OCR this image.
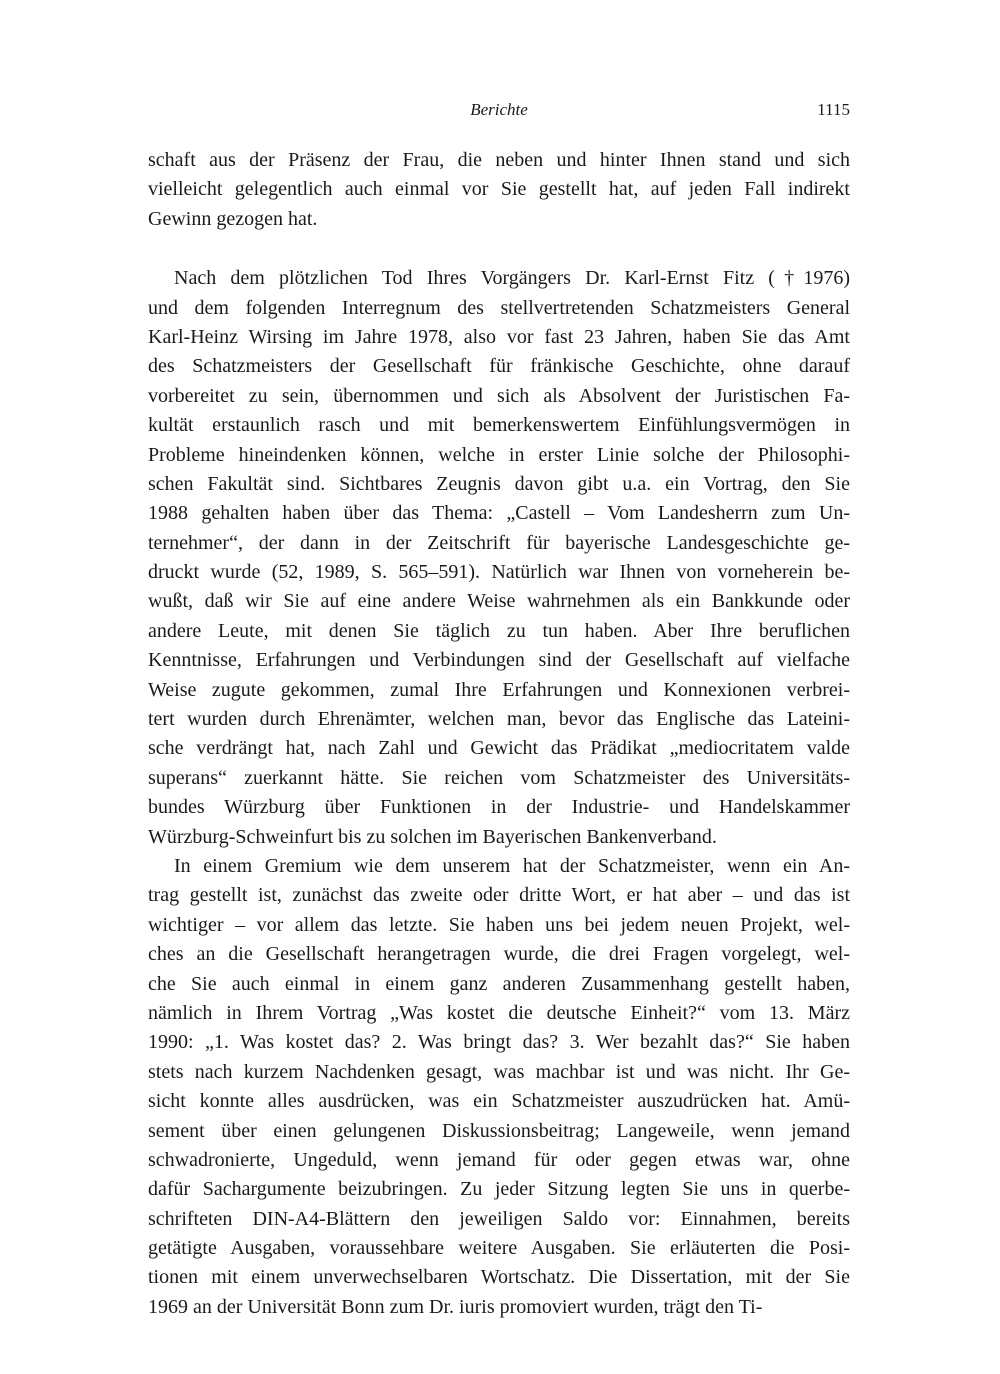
Berichte	1115
schaft aus der Präsenz der Frau, die neben und hinter Ihnen stand und sich
vielleicht gelegentlich auch einmal vor Sie gestellt hat, auf jeden Fall indirekt
Gewinn gezogen hat.
Nach dem plötzlichen Tod Ihres Vorgängers Dr. Karl-Ernst Fitz (†1976)
und dem folgenden Interregnum des stellvertretenden Schatzmeisters General
Karl-Heinz Wirsing im Jahre 1978, also vor fast 23 Jahren, haben Sie das Amt
des Schatzmeisters der Gesellschaft für fränkische Geschichte, ohne darauf
vorbereitet zu sein, übernommen und sich als Absolvent der Juristischen Fa-
kultät erstaunlich rasch und mit bemerkenswertem Einfühlungsvermögen in
Probleme hineindenken können, welche in erster Linie solche der Philosophi-
schen Fakultät sind. Sichtbares Zeugnis davon gibt u.a. ein Vortrag, den Sie
1988 gehalten haben über das Thema: „Castell – Vom Landesherrn zum Un-
ternehmer“, der dann in der Zeitschrift für bayerische Landesgeschichte ge-
druckt wurde (52, 1989, S. 565–591). Natürlich war Ihnen von vorneherein be-
wußt, daß wir Sie auf eine andere Weise wahrnehmen als ein Bankkunde oder
andere Leute, mit denen Sie täglich zu tun haben. Aber Ihre beruflichen
Kenntnisse, Erfahrungen und Verbindungen sind der Gesellschaft auf vielfache
Weise zugute gekommen, zumal Ihre Erfahrungen und Konnexionen verbrei-
tert wurden durch Ehrenämter, welchen man, bevor das Englische das Lateini-
sche verdrängt hat, nach Zahl und Gewicht das Prädikat „mediocritatem valde
superans“ zuerkannt hätte. Sie reichen vom Schatzmeister des Universitäts-
bundes Würzburg über Funktionen in der Industrie- und Handelskammer
Würzburg-Schweinfurt bis zu solchen im Bayerischen Bankenverband.
In einem Gremium wie dem unserem hat der Schatzmeister, wenn ein An-
trag gestellt ist, zunächst das zweite oder dritte Wort, er hat aber – und das ist
wichtiger – vor allem das letzte. Sie haben uns bei jedem neuen Projekt, wel-
ches an die Gesellschaft herangetragen wurde, die drei Fragen vorgelegt, wel-
che Sie auch einmal in einem ganz anderen Zusammenhang gestellt haben,
nämlich in Ihrem Vortrag „Was kostet die deutsche Einheit?“ vom 13. März
1990: „1. Was kostet das? 2. Was bringt das? 3. Wer bezahlt das?“ Sie haben
stets nach kurzem Nachdenken gesagt, was machbar ist und was nicht. Ihr Ge-
sicht konnte alles ausdrücken, was ein Schatzmeister auszudrücken hat. Amü-
sement über einen gelungenen Diskussionsbeitrag; Langeweile, wenn jemand
schwadronierte, Ungeduld, wenn jemand für oder gegen etwas war, ohne
dafür Sachargumente beizubringen. Zu jeder Sitzung legten Sie uns in querbe-
schrifteten DIN-A4-Blättern den jeweiligen Saldo vor: Einnahmen, bereits
getätigte Ausgaben, voraussehbare weitere Ausgaben. Sie erläuterten die Posi-
tionen mit einem unverwechselbaren Wortschatz. Die Dissertation, mit der Sie
1969 an der Universität Bonn zum Dr. iuris promoviert wurden, trägt den Ti-
